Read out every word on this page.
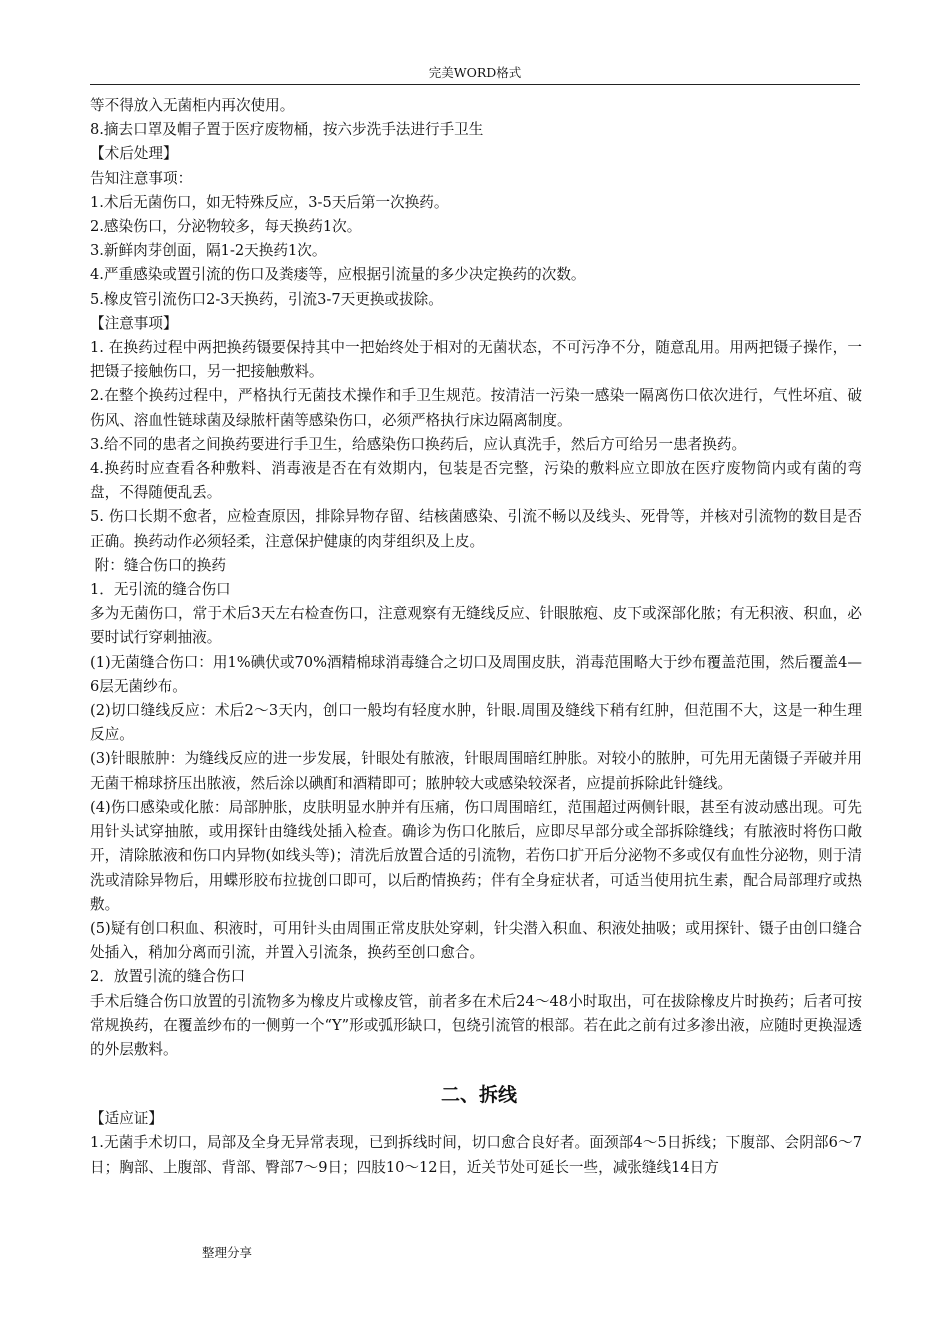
完美WORD格式

等不得放入无菌柜内再次使用。

8.摘去口罩及帽子置于医疗废物桶，按六步洗手法进行手卫生

【术后处理】

告知注意事项：

1.术后无菌伤口，如无特殊反应，3-5天后第一次换药。

2.感染伤口，分泌物较多，每天换药1次。

3.新鲜肉芽创面，隔1-2天换药1次。

4.严重感染或置引流的伤口及粪瘘等，应根据引流量的多少决定换药的次数。

5.橡皮管引流伤口2-3天换药，引流3-7天更换或拔除。

【注意事项】

1. 在换药过程中两把换药镊要保持其中一把始终处于相对的无菌状态，不可污净不分，随意乱用。用两把镊子操作，一把镊子接触伤口，另一把接触敷料。

2.在整个换药过程中，严格执行无菌技术操作和手卫生规范。按清洁一污染一感染一隔离伤口依次进行，气性坏疽、破伤风、溶血性链球菌及绿脓杆菌等感染伤口，必须严格执行床边隔离制度。

3.给不同的患者之间换药要进行手卫生，给感染伤口换药后，应认真洗手，然后方可给另一患者换药。

4.换药时应查看各种敷料、消毒液是否在有效期内，包装是否完整，污染的敷料应立即放在医疗废物筒内或有菌的弯盘，不得随便乱丢。

5. 伤口长期不愈者，应检查原因，排除异物存留、结核菌感染、引流不畅以及线头、死骨等，并核对引流物的数目是否正确。换药动作必须轻柔，注意保护健康的肉芽组织及上皮。

附：缝合伤口的换药

1．无引流的缝合伤口

多为无菌伤口，常于术后3天左右检查伤口，注意观察有无缝线反应、针眼脓疱、皮下或深部化脓；有无积液、积血，必要时试行穿刺抽液。

(1)无菌缝合伤口：用1%碘伏或70%酒精棉球消毒缝合之切口及周围皮肤，消毒范围略大于纱布覆盖范围，然后覆盖4—6层无菌纱布。

(2)切口缝线反应：术后2～3天内，创口一般均有轻度水肿，针眼.周围及缝线下稍有红肿，但范围不大，这是一种生理反应。

(3)针眼脓肿：为缝线反应的进一步发展，针眼处有脓液，针眼周围暗红肿胀。对较小的脓肿，可先用无菌镊子弄破并用无菌干棉球挤压出脓液，然后涂以碘酊和酒精即可；脓肿较大或感染较深者，应提前拆除此针缝线。

(4)伤口感染或化脓：局部肿胀，皮肤明显水肿并有压痛，伤口周围暗红，范围超过两侧针眼，甚至有波动感出现。可先用针头试穿抽脓，或用探针由缝线处插入检查。确诊为伤口化脓后，应即尽早部分或全部拆除缝线；有脓液时将伤口敞开，清除脓液和伤口内异物(如线头等)；清洗后放置合适的引流物，若伤口扩开后分泌物不多或仅有血性分泌物，则于清洗或清除异物后，用蝶形胶布拉拢创口即可，以后酌情换药；伴有全身症状者，可适当使用抗生素，配合局部理疗或热敷。

(5)疑有创口积血、积液时，可用针头由周围正常皮肤处穿刺，针尖潜入积血、积液处抽吸；或用探针、镊子由创口缝合处插入，稍加分离而引流，并置入引流条，换药至创口愈合。

2．放置引流的缝合伤口

手术后缝合伤口放置的引流物多为橡皮片或橡皮管，前者多在术后24～48小时取出，可在拔除橡皮片时换药；后者可按常规换药，在覆盖纱布的一侧剪一个“Y”形或弧形缺口，包绕引流管的根部。若在此之前有过多渗出液，应随时更换湿透的外层敷料。

二、拆线

【适应证】

1.无菌手术切口，局部及全身无异常表现，已到拆线时间，切口愈合良好者。面颈部4～5日拆线；下腹部、会阴部6～7日；胸部、上腹部、背部、臀部7～9日；四肢10～12日，近关节处可延长一些，减张缝线14日方

整理分享
